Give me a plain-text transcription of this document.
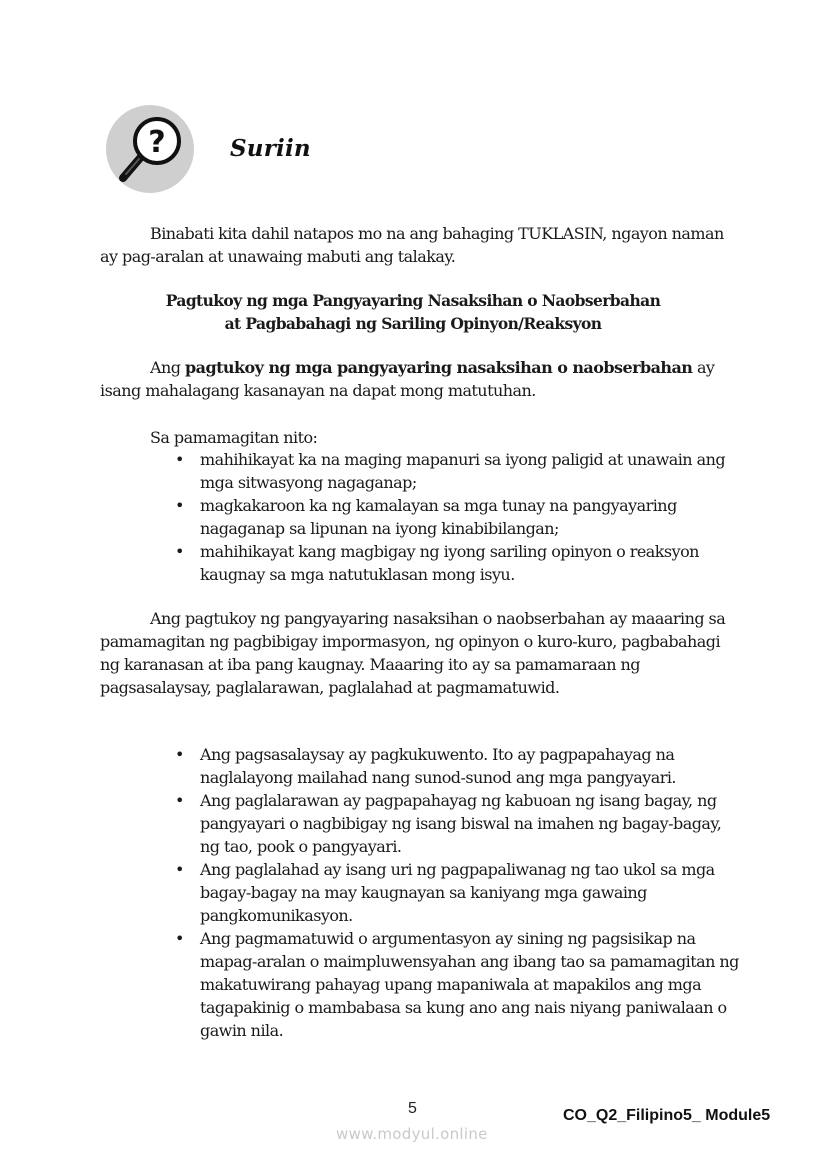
?	Suriin

Binabati kita dahil natapos mo na ang bahaging TUKLASIN, ngayon naman ay pag-aralan at unawaing mabuti ang talakay.

Pagtukoy ng mga Pangyayaring Nasaksihan o Naobserbahan
at Pagbabahagi ng Sariling Opinyon/Reaksyon

Ang pagtukoy ng mga pangyayaring nasaksihan o naobserbahan ay isang mahalagang kasanayan na dapat mong matutuhan.

Sa pamamagitan nito:
• mahihikayat ka na maging mapanuri sa iyong paligid at unawain ang mga sitwasyong nagaganap;
• magkakaroon ka ng kamalayan sa mga tunay na pangyayaring nagaganap sa lipunan na iyong kinabibilangan;
• mahihikayat kang magbigay ng iyong sariling opinyon o reaksyon kaugnay sa mga natutuklasan mong isyu.

Ang pagtukoy ng pangyayaring nasaksihan o naobserbahan ay maaaring sa pamamagitan ng pagbibigay impormasyon, ng opinyon o kuro-kuro, pagbabahagi ng karanasan at iba pang kaugnay. Maaaring ito ay sa pamamaraan ng pagsasalaysay, paglalarawan, paglalahad at pagmamatuwid.

• Ang pagsasalaysay ay pagkukuwento. Ito ay pagpapahayag na naglalayong mailahad nang sunod-sunod ang mga pangyayari.
• Ang paglalarawan ay pagpapahayag ng kabuoan ng isang bagay, ng pangyayari o nagbibigay ng isang biswal na imahen ng bagay-bagay, ng tao, pook o pangyayari.
• Ang paglalahad ay isang uri ng pagpapaliwanag ng tao ukol sa mga bagay-bagay na may kaugnayan sa kaniyang mga gawaing pangkomunikasyon.
• Ang pagmamatuwid o argumentasyon ay sining ng pagsisikap na mapag-aralan o maimpluwensyahan ang ibang tao sa pamamagitan ng makatuwirang pahayag upang mapaniwala at mapakilos ang mga tagapakinig o mambabasa sa kung ano ang nais niyang paniwalaan o gawin nila.
5	CO_Q2_Filipino5_ Module5
www.modyul.online
